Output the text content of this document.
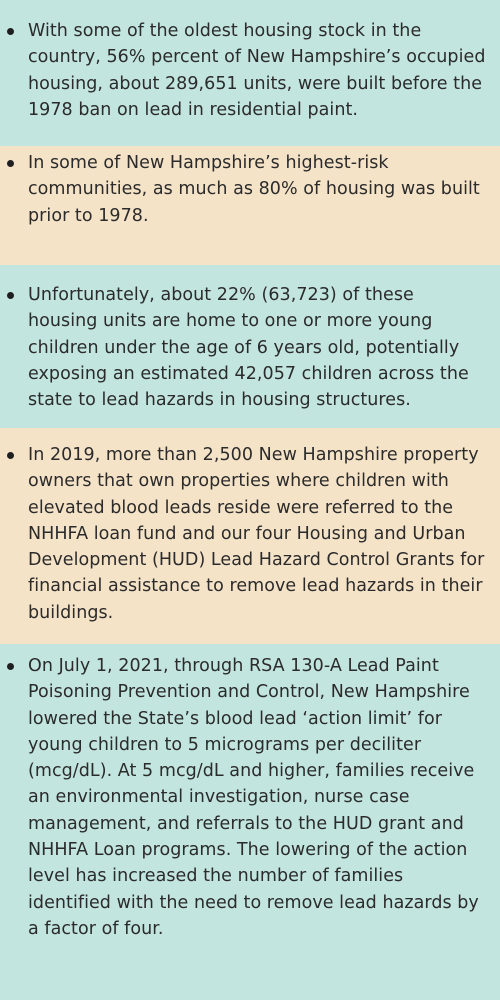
With some of the oldest housing stock in the country, 56% percent of New Hampshire’s occupied housing, about 289,651 units, were built before the 1978 ban on lead in residential paint.
In some of New Hampshire’s highest-risk communities, as much as 80% of housing was built prior to 1978.
Unfortunately, about 22% (63,723) of these housing units are home to one or more young children under the age of 6 years old, potentially exposing an estimated 42,057 children across the state to lead hazards in housing structures.
In 2019, more than 2,500 New Hampshire property owners that own properties where children with elevated blood leads reside were referred to the NHHFA loan fund and our four Housing and Urban Development (HUD) Lead Hazard Control Grants for financial assistance to remove lead hazards in their buildings.
On July 1, 2021, through RSA 130-A Lead Paint Poisoning Prevention and Control, New Hampshire lowered the State’s blood lead ‘action limit’ for young children to 5 micrograms per deciliter (mcg/dL). At 5 mcg/dL and higher, families receive an environmental investigation, nurse case management, and referrals to the HUD grant and NHHFA Loan programs. The lowering of the action level has increased the number of families identified with the need to remove lead hazards by a factor of four.
